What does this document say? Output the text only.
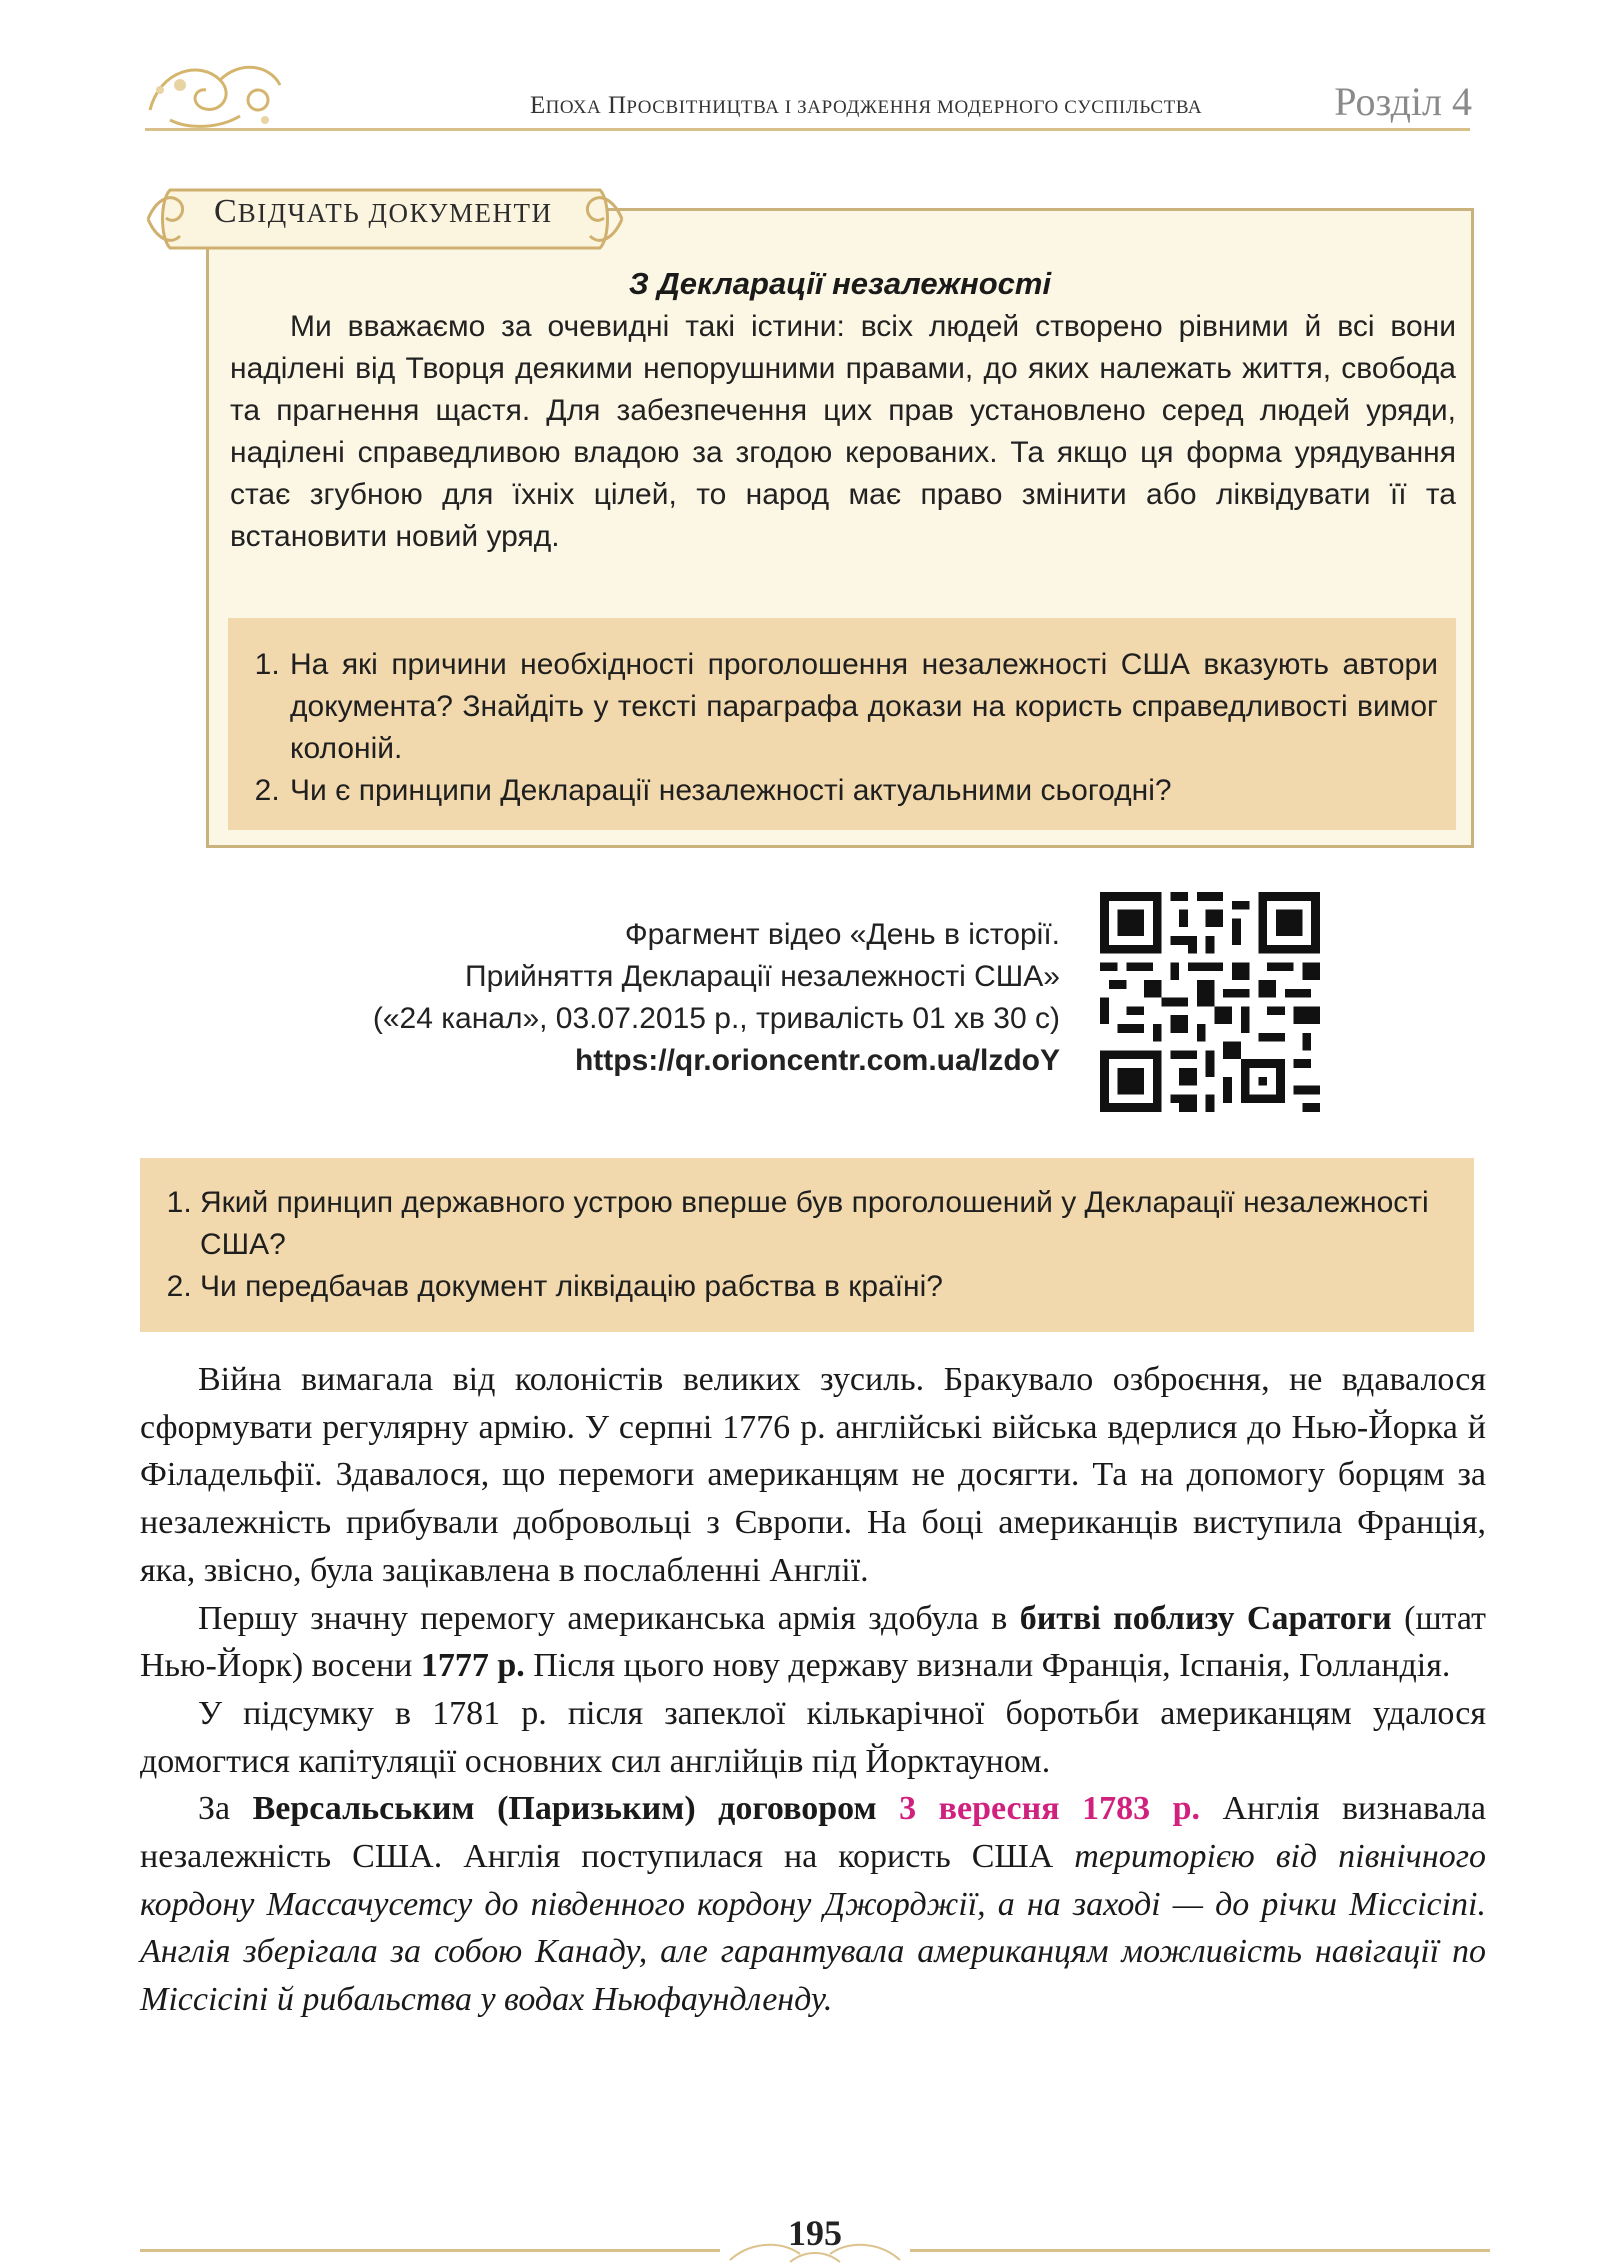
ЕПОХА ПРОСВІТНИЦТВА І ЗАРОДЖЕННЯ МОДЕРНОГО СУСПІЛЬСТВА	Розділ 4
СВІДЧАТЬ ДОКУМЕНТИ
З Декларації незалежності
Ми вважаємо за очевидні такі істини: всіх людей створено рівними й всі вони наділені від Творця деякими непорушними правами, до яких належать життя, свобода та прагнення щастя. Для забезпечення цих прав установлено серед людей уряди, наділені справедливою владою за згодою керованих. Та якщо ця форма урядування стає згубною для їхніх цілей, то народ має право змінити або ліквідувати її та встановити новий уряд.
1. На які причини необхідності проголошення незалежності США вказують автори документа? Знайдіть у тексті параграфа докази на користь справедливості вимог колоній.
2. Чи є принципи Декларації незалежності актуальними сьогодні?
Фрагмент відео «День в історії.
Прийняття Декларації незалежності США»
(«24 канал», 03.07.2015 р., тривалість 01 хв 30 с)
https://qr.orioncentr.com.ua/lzdoY
1. Який принцип державного устрою вперше був проголошений у Декларації незалежності США?
2. Чи передбачав документ ліквідацію рабства в країні?

Війна вимагала від колоністів великих зусиль. Бракувало озброєння, не вдавалося сформувати регулярну армію. У серпні 1776 р. англійські війська вдерлися до Нью-Йорка й Філадельфії. Здавалося, що перемоги американцям не досягти. Та на допомогу борцям за незалежність прибували добровольці з Європи. На боці американців виступила Франція, яка, звісно, була зацікавлена в послабленні Англії.

Першу значну перемогу американська армія здобула в битві поблизу Саратоги (штат Нью-Йорк) восени 1777 р. Після цього нову державу визнали Франція, Іспанія, Голландія.

У підсумку в 1781 р. після запеклої кількарічної боротьби американцям удалося домогтися капітуляції основних сил англійців під Йорктауном.

За Версальським (Паризьким) договором 3 вересня 1783 р. Англія визнавала незалежність США. Англія поступилася на користь США територією від північного кордону Массачусетсу до південного кордону Джорджії, а на заході — до річки Міссісіпі. Англія зберігала за собою Канаду, але гарантувала американцям можливість навігації по Міссісіпі й рибальства у водах Ньюфаундленду.

195
